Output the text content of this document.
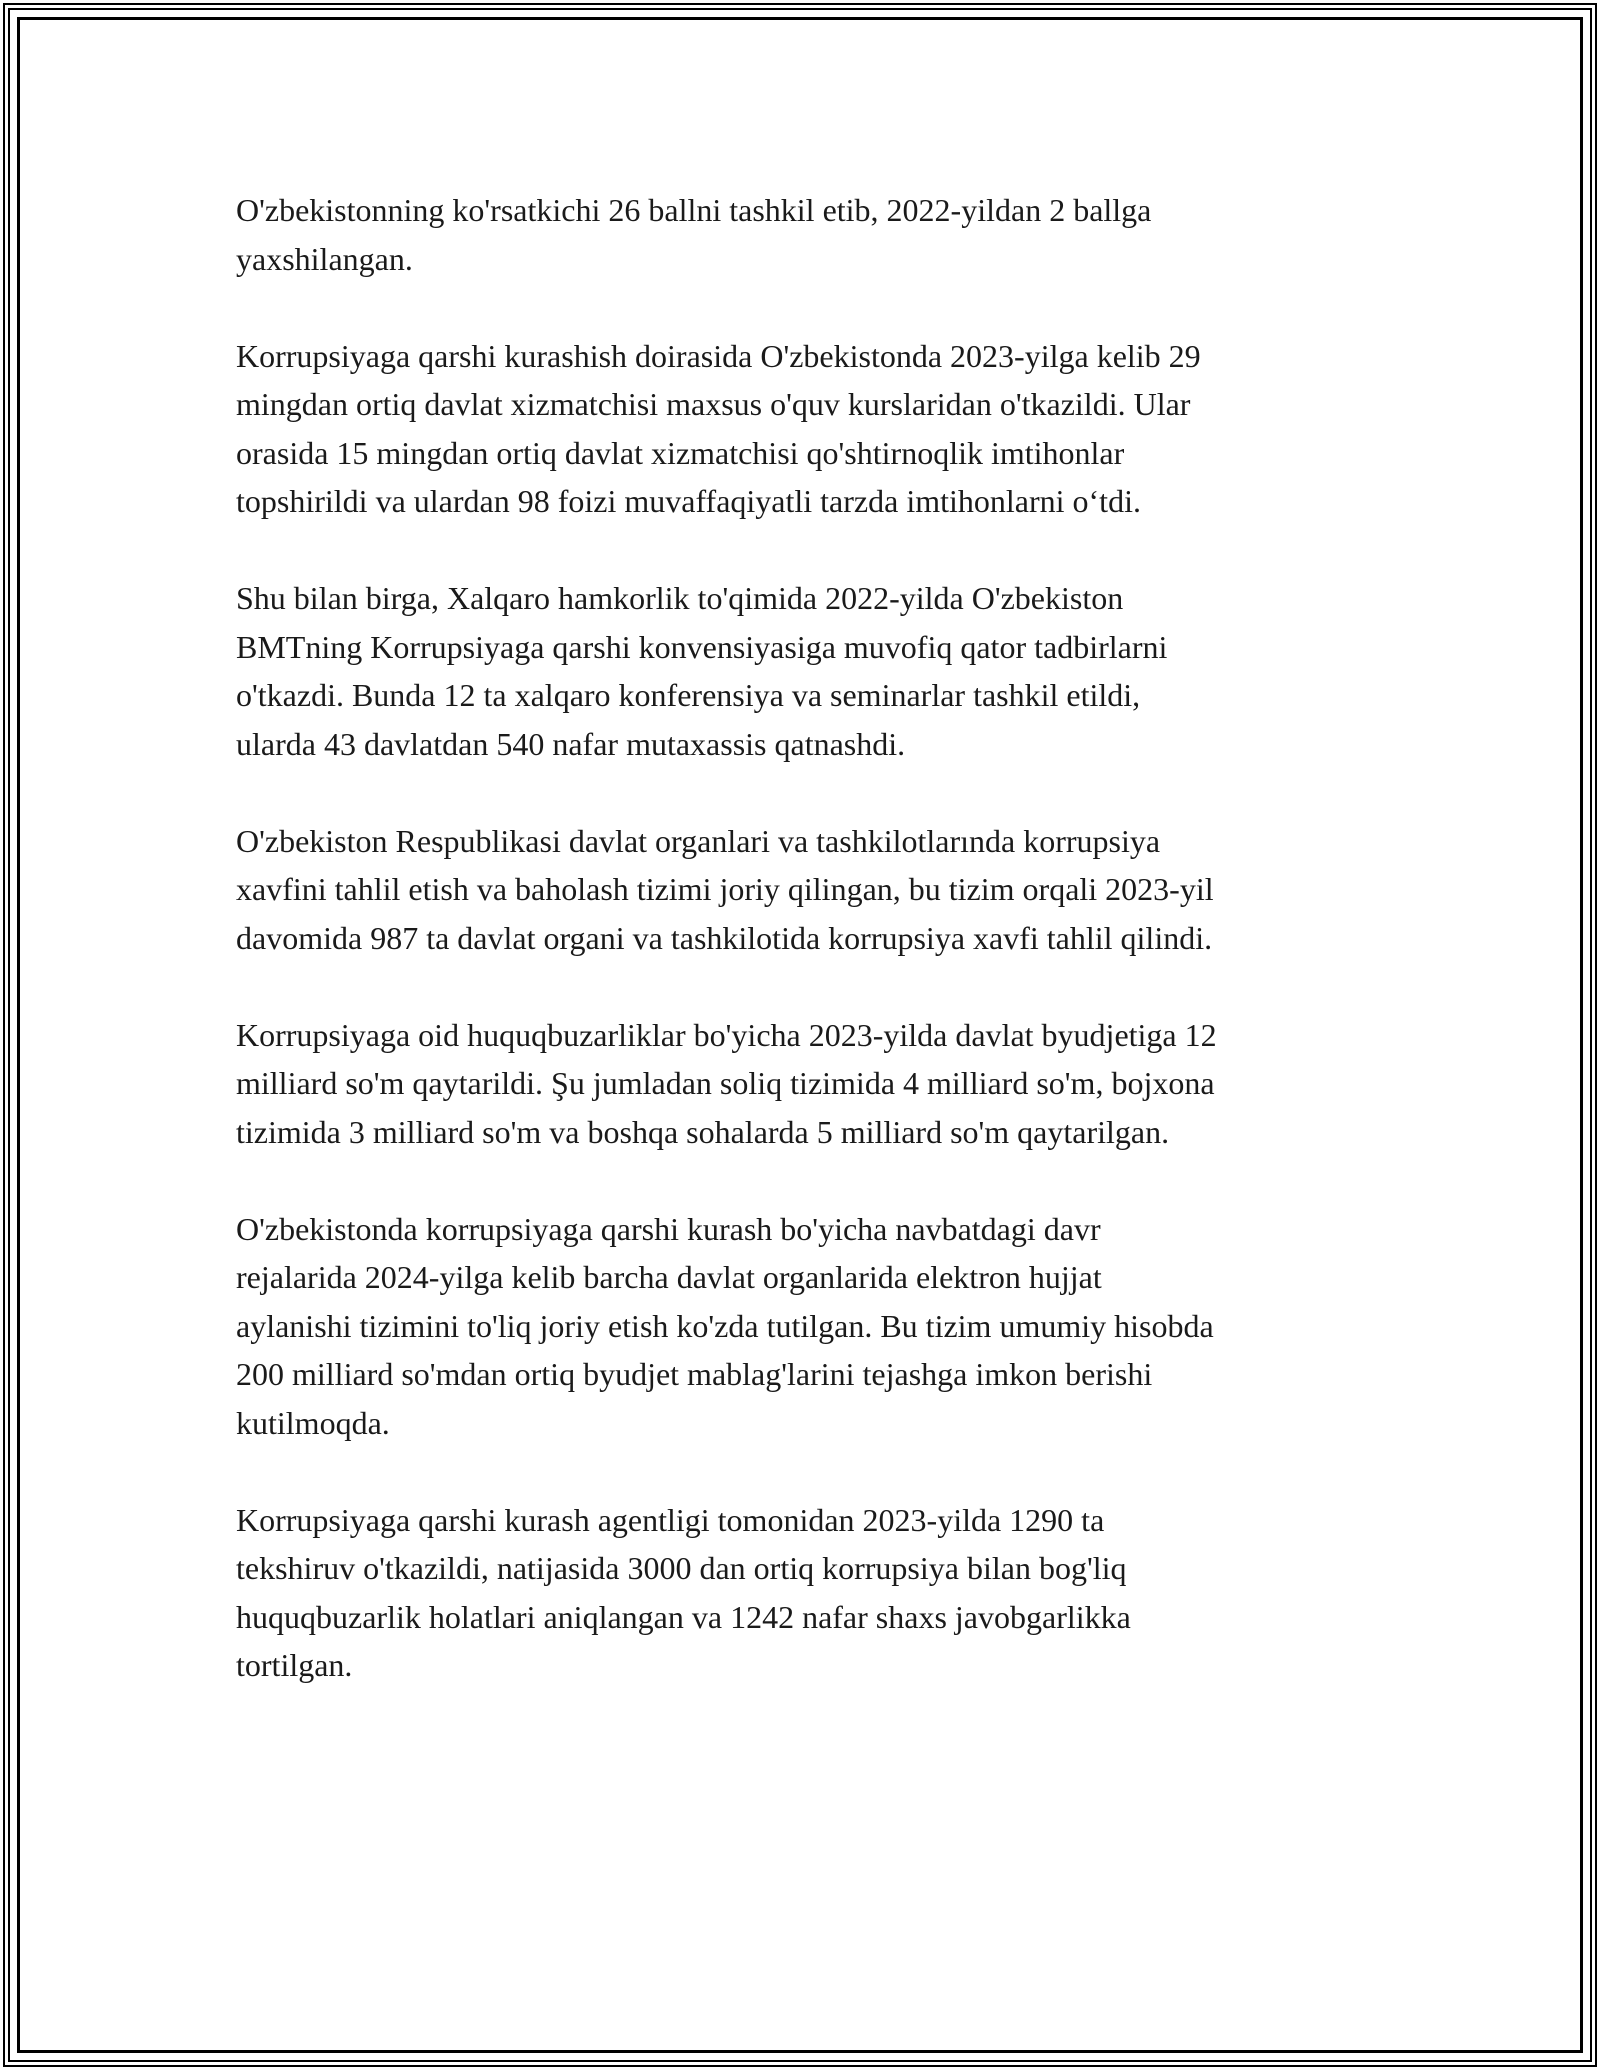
O'zbekistonning ko'rsatkichi 26 ballni tashkil etib, 2022-yildan 2 ballga
yaxshilangan.

Korrupsiyaga qarshi kurashish doirasida O'zbekistonda 2023-yilga kelib 29
mingdan ortiq davlat xizmatchisi maxsus o'quv kurslaridan o'tkazildi. Ular
orasida 15 mingdan ortiq davlat xizmatchisi qo'shtirnoqlik imtihonlar
topshirildi va ulardan 98 foizi muvaffaqiyatli tarzda imtihonlarni o‘tdi.

Shu bilan birga, Xalqaro hamkorlik to'qimida 2022-yilda O'zbekiston
BMTning Korrupsiyaga qarshi konvensiyasiga muvofiq qator tadbirlarni
o'tkazdi. Bunda 12 ta xalqaro konferensiya va seminarlar tashkil etildi,
ularda 43 davlatdan 540 nafar mutaxassis qatnashdi.

O'zbekiston Respublikasi davlat organlari va tashkilotlarında korrupsiya
xavfini tahlil etish va baholash tizimi joriy qilingan, bu tizim orqali 2023-yil
davomida 987 ta davlat organi va tashkilotida korrupsiya xavfi tahlil qilindi.

Korrupsiyaga oid huquqbuzarliklar bo'yicha 2023-yilda davlat byudjetiga 12
milliard so'm qaytarildi. Şu jumladan soliq tizimida 4 milliard so'm, bojxona
tizimida 3 milliard so'm va boshqa sohalarda 5 milliard so'm qaytarilgan.

O'zbekistonda korrupsiyaga qarshi kurash bo'yicha navbatdagi davr
rejalarida 2024-yilga kelib barcha davlat organlarida elektron hujjat
aylanishi tizimini to'liq joriy etish ko'zda tutilgan. Bu tizim umumiy hisobda
200 milliard so'mdan ortiq byudjet mablag'larini tejashga imkon berishi
kutilmoqda.

Korrupsiyaga qarshi kurash agentligi tomonidan 2023-yilda 1290 ta
tekshiruv o'tkazildi, natijasida 3000 dan ortiq korrupsiya bilan bog'liq
huquqbuzarlik holatlari aniqlangan va 1242 nafar shaxs javobgarlikka
tortilgan.
